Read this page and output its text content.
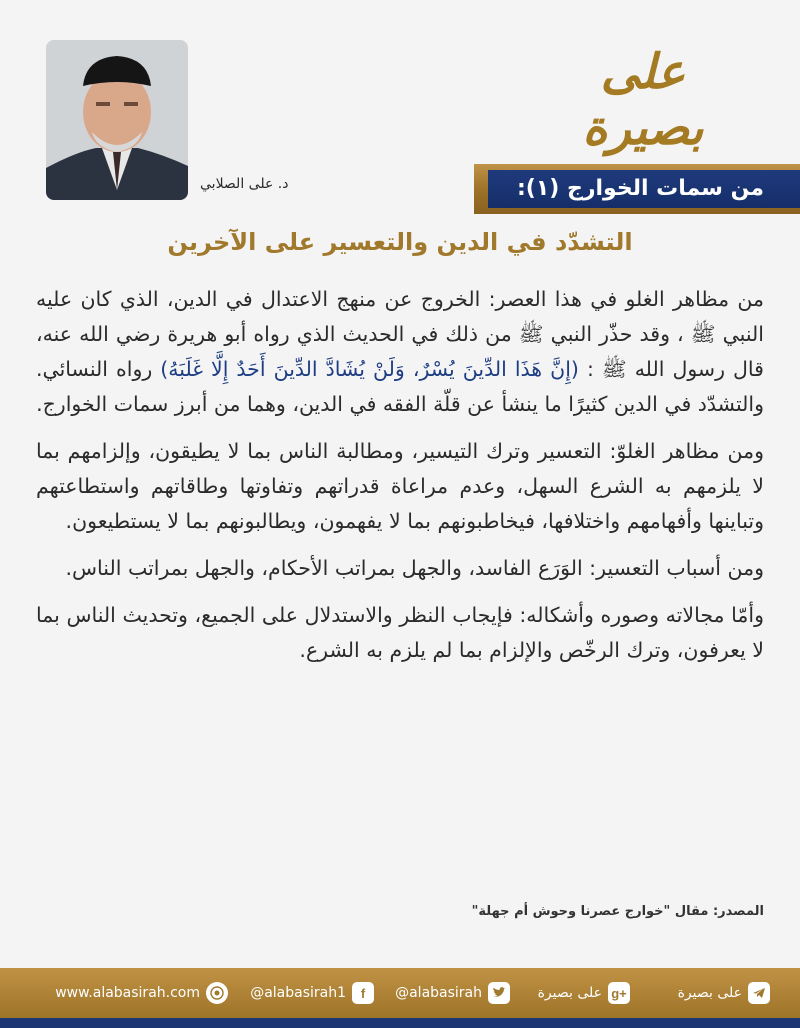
د. على الصلابي
على بصيرة
من سمات الخوارج (١):
التشدّد في الدين والتعسير على الآخرين

من مظاهر الغلو في هذا العصر: الخروج عن منهج الاعتدال في الدين، الذي كان عليه النبي ﷺ ، وقد حذّر النبي ﷺ من ذلك في الحديث الذي رواه أبو هريرة رضي الله عنه، قال رسول الله ﷺ : (إِنَّ هَذَا الدِّينَ يُسْرٌ، وَلَنْ يُشَادَّ الدِّينَ أَحَدٌ إِلَّا غَلَبَهُ) رواه النسائي. والتشدّد في الدين كثيرًا ما ينشأ عن قلّة الفقه في الدين، وهما من أبرز سمات الخوارج.

ومن مظاهر الغلوّ: التعسير وترك التيسير، ومطالبة الناس بما لا يطيقون، وإلزامهم بما لا يلزمهم به الشرع السهل، وعدم مراعاة قدراتهم وتفاوتها وطاقاتهم واستطاعتهم وتباينها وأفهامهم واختلافها، فيخاطبونهم بما لا يفهمون، ويطالبونهم بما لا يستطيعون.

ومن أسباب التعسير: الوَرَع الفاسد، والجهل بمراتب الأحكام، والجهل بمراتب الناس.

وأمّا مجالاته وصوره وأشكاله: فإيجاب النظر والاستدلال على الجميع، وتحديث الناس بما لا يعرفون، وترك الرخّص والإلزام بما لم يلزم به الشرع.

المصدر: مقال "خوارج عصرنا وحوش أم جهلة"
على بصيرة
على بصيرة g+
@alabasirah
@alabasirah1	f
www.alabasirah.com
